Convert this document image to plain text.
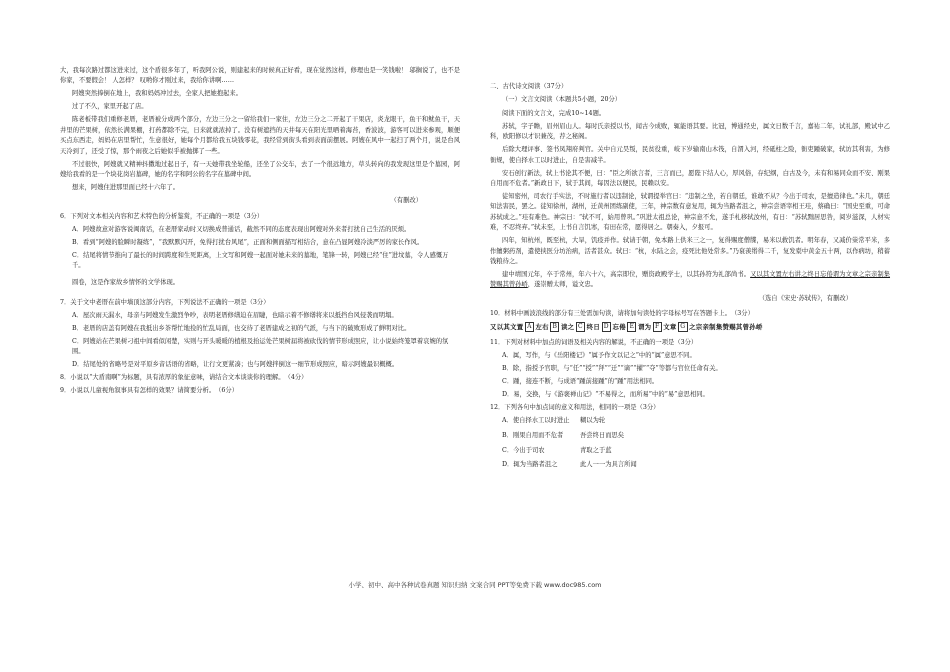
大，我每次路过都这进来过，这个盾很多年了，听我阿公说，则建起来的时候真正好看，现在觉然这样，修理也是一笑钱啦！ 邬搁说了，也不是你家，不要假会！ 人怎样？ 叹哟你才刚过来，我给你讲啊……

阿嫂突然捧倒在地上，我和妈妈冲过去，全家人把她抱起来。

过了不久，家里开起了店。

陈老板带我们重修老厝，老厝被分成两个部分，左边三分之一留给我们一家住，左边三分之二开起了干果店，炎龙眼干，鱼干和鱿鱼干，天井里的芒果树，依然长满果棚，打药都除不完，日来就就浓掉了。没有树遮挡的天井每天在阳光里晒着海苔，香波波，游客可以进来参观，顺便买点东西走，妈妈在店里帮忙，生意很好，她每个月都给我五块钱零花，我经常到街头看到表面前摆展。阿嫂在风中一起扫了两个月，说是台风天冷到了，还受了惊，那个雨夜之后她似乎被抛掷了一些。

不过很快，阿嫂就又精神抖擞地过起日子，有一天她带我坐轮船，还坐了公交车，去了一个很远地方，草头转向的我发现这里是个墓园，阿嫂给我看的是一个块花岗岩墓碑，她的名字和阿公的名字在墓碑中间。

想来，阿嫂住进那里面已经十六年了。

（有删改）

6．下列对文本相关内容和艺术特色的分析鉴赏，不正确的一项是（3分）

A．阿嫂故意对游客说闽南话，在老厝家动时又切换成普通话，截然不同的态度表现出阿嫂对外来者打扰自己生活的厌烦。

B．看到“阿嫂的脸瞬时凝练”，“我默默闪开，免得打扰台风尾”，正面和侧面描写相结合，意在凸显阿嫂冷淡严厉的家长作风。

C．结尾将情节推向了最长的时间跨度和生死距离，上文写和阿嫂一起面对她未来的墓地，笔锋一转，阿嫂已经“住”进坟墓，令人感慨万千。

圆卷，这是作家故乡情怀的文学体现。

7．关于文中老厝在前中墙顶这部分内容，下列说法不正确的一项是（3分）

A．屋次雨天漏水，母亲与阿嫂发生激烈争吵，表明老厝修缮迫在眉睫，也暗示着不修缮将来以抵挡台风侵袭而明塌。

B．老厝的店盖有阿嫂在我抵出乡茶帮忙地捡的忙乱局面，也交待了老厝建成之初的气派，与当下的破败形成了鲜明对比。

C．阿嫂站在芒果树刁祖中间看似闲楚，实则与开头暖暖的植根及抬运处芒果树届将被砍伐的情节形成照应，让小说始终笼罩着哀婉的氛围。

D．结尾处的省略号是对平原乡音话语的省略，让行文更紧凑；也与阿嫂拌倒这一细节形成照应，暗示阿嫂最识概概。

8．小说以“大盾南啊”为标题，具有浓厚的象征意味，请结合文本谈谈你的理解。　（4分）

9．小说以儿童视角叙事具有怎样的效果？请简要分析。　（6分）

二、古代诗文阅读（37分）

（一）文言文阅读（本题共5小题，20分）

阅读下面的文言文，完成10~14题。

苏轼，字子瞻，眉州眉山人。每时氏亲授以书，闻古今成败，辄能语其要。比冠，博通经史，属文日数千言，嘉祐二年，试礼部，殿试中乙科，欧阳修以才识兼茂，荐之秘阁。

后除大理评事、签书凤翔府判官。关中自元昊叛，民贫役重，岐下岁输南山木筏，自渭入河，经砥柱之险，衙吏踵破家，轼访其利害，为修衙规，使自择水工以时进止，自是害减半。

安石创行新法，轼上书论其不便，曰：“臣之所欲言者，三言而已，愿陛下结人心，厚风俗，存纪纲，白古及今，未有和易同众而不安、刚果自用而不危者。”新政日下，轼于其间，每因法以便民，民赖以安。

徒知密州，司农行手实法，不时施行者以违制论，轼谓提举官曰：“违制之坐，若自朝廷，谁敢不从？今出于司农，是擅造律也。”未几，朝廷知法害民，罢之。徒知徐州，湖州，迁黄州团练副使，三年，神宗数有意复用，辄为当路者沮之，神宗尝语宰相王珪，蔡确曰：“国史至重，可命苏轼成之。”珪有难色。神宗曰：“轼不可，始用曾巩。”巩进太祖总论，神宗意不允，遂手札移轼汝州，有日：“苏轼黜居思咎，阅岁滋深，人材实难，不忍终弃。”轼未至，上书自言饥寒，有田在常，愿得居之。朝奏入，夕报可。

四年，知杭州，既至杭，大旱，饥疫并作。轼请于朝，免本路上供米三之一，复得赐度僧牒，易米以救饥者。明年春，又减价粜常平米，多作饘粥药剂，遣使挟医分坊治病，活者甚众。轼曰：“杭，水陆之会，疫死比他处常多。”乃裒羡缗得二千，复发橐中黄金五十两，以作病坊，稍蓄钱粮待之。

建中靖国元年，卒于常州，年六十六，高宗即位，赠资政殿学士，以其孙符为礼部尚书。又以其文置左右讲之终日忘倦谓为文章之宗亲制集赞赐其曾孙峤，遂崇赠太师，谥文忠。

（选自《宋史·苏轼传》，有删改）

10．材料中画波浪线的部分有三处需加句读，请将加句读处的字母标号写在答题卡上。　（3分）

又以其文置 A 左右 B 读之 C 终日 D 忘倦 E 谓为 F 文章 G 之宗亲制集赞赐其曾孙峤

11．下列对材料中加点的词语及相关内容的解说，不正确的一项是（3分）

A．属，写作，与《岳阳楼记》“属予作文以记之”中的“属”意思不同。

B．除，指授予官职，与“任”“授”“拜”“迁”“谪”“擢”“夺”等都与官位任命有关。

C．踵，接连不断，与成语“踵前接踵”的“踵”用法相同。

D．易，交换，与《游褒禅山记》“不易得之，而所易”中的“易”意思相同。

12．下列各句中加点词的意义和用法，相同的一项是（3分）

A．使自择水工以时进止	糊以为轮
B．刚果自用而不危者	吾尝终日而思矣
C．今出于司农	青取之于蓝
D．辄为当路者沮之	此人一一为具言所闻
小学、初中、高中各种试卷真题 知识归纳 文案合同 PPT等免费下载 www.doc985.com
